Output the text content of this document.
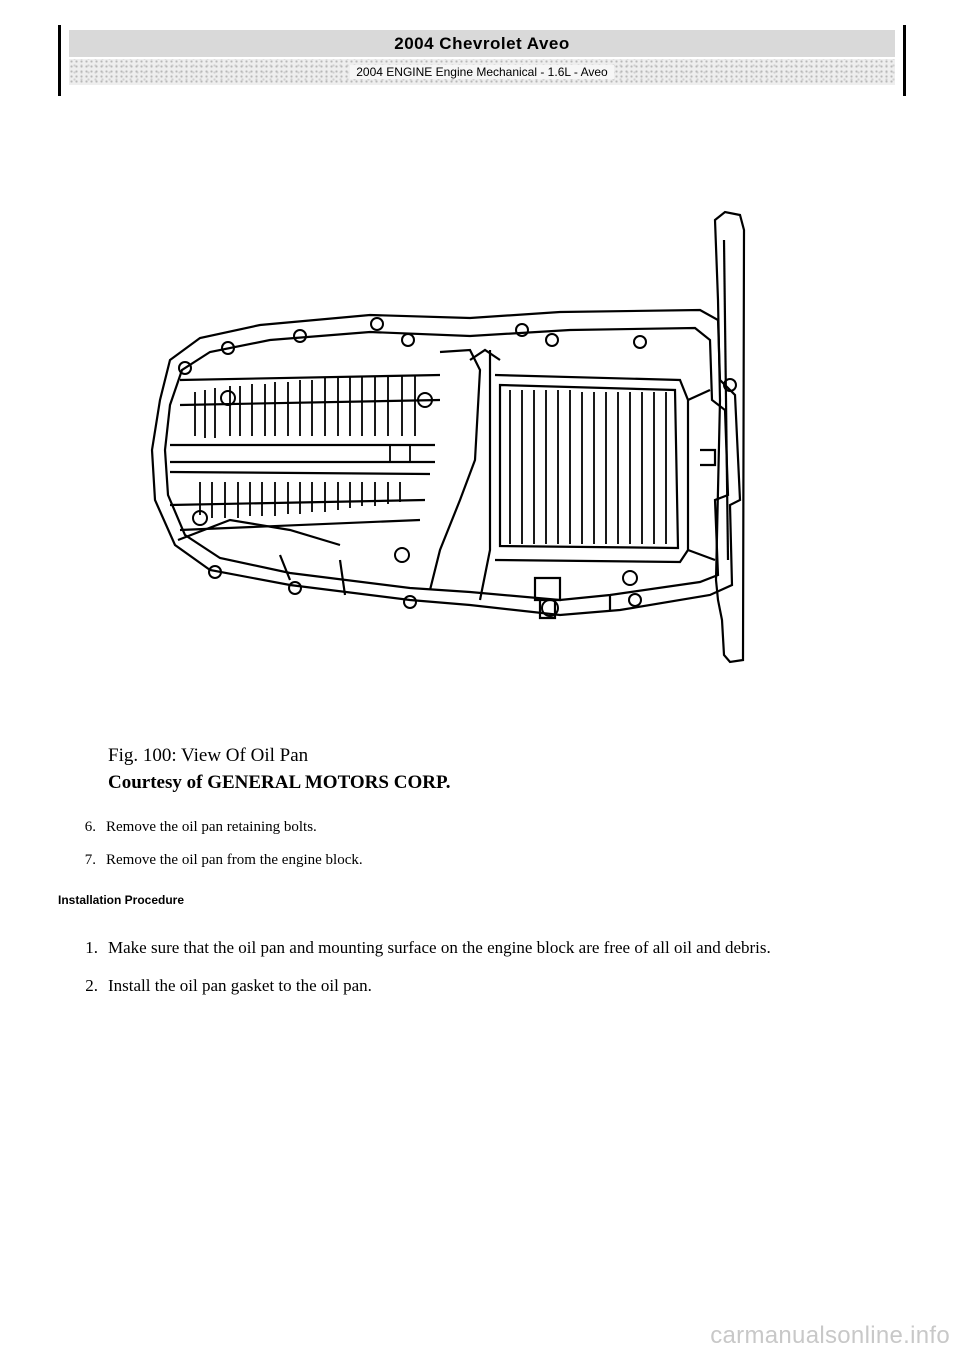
2004 Chevrolet Aveo
2004 ENGINE Engine Mechanical - 1.6L - Aveo
Fig. 100: View Of Oil Pan
Courtesy of GENERAL MOTORS CORP.
6. Remove the oil pan retaining bolts.
7. Remove the oil pan from the engine block.
Installation Procedure
1. Make sure that the oil pan and mounting surface on the engine block are free of all oil and debris.
2. Install the oil pan gasket to the oil pan.
carmanualsonline.info
